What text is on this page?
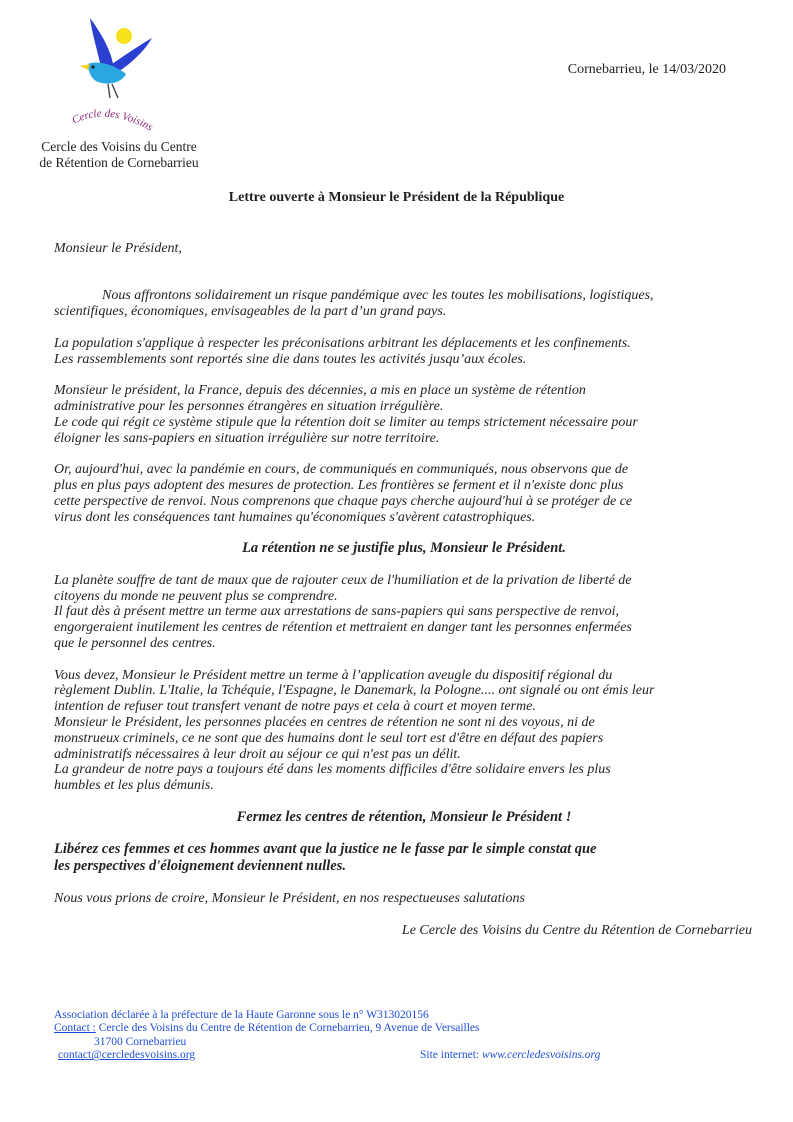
Cercle des Voisins
Cercle des Voisins du Centre
de Rétention de Cornebarrieu
Cornebarrieu, le 14/03/2020
Lettre ouverte à Monsieur le Président de la République

Monsieur le Président,

Nous affrontons solidairement un risque pandémique avec les toutes les mobilisations, logistiques,

scientifiques, économiques, envisageables de la part d’un grand pays.

La population s'applique à respecter les préconisations arbitrant les déplacements et les confinements.

Les rassemblements sont reportés sine die dans toutes les activités jusqu’aux écoles.

Monsieur le président, la France, depuis des décennies, a mis en place un système de rétention

administrative pour les personnes étrangères en situation irrégulière.

Le code qui régit ce système stipule que la rétention doit se limiter au temps strictement nécessaire pour

éloigner les sans-papiers en situation irrégulière sur notre territoire.

Or, aujourd'hui, avec la pandémie en cours, de communiqués en communiqués, nous observons que de

plus en plus pays adoptent des mesures de protection. Les frontières se ferment et il n'existe donc plus

cette perspective de renvoi. Nous comprenons que chaque pays cherche aujourd'hui à se protéger de ce

virus dont les conséquences tant humaines qu'économiques s'avèrent catastrophiques.

La rétention ne se justifie plus, Monsieur le Président.

La planète souffre de tant de maux que de rajouter ceux de l'humiliation et de la privation de liberté de

citoyens du monde ne peuvent plus se comprendre.

Il faut dès à présent mettre un terme aux arrestations de sans-papiers qui sans perspective de renvoi,

engorgeraient inutilement les centres de rétention et mettraient en danger tant les personnes enfermées

que le personnel des centres.

Vous devez, Monsieur le Président mettre un terme à l’application aveugle du dispositif régional du

règlement Dublin. L'Italie, la Tchéquie, l'Espagne, le Danemark, la Pologne.... ont signalé ou ont émis leur

intention de refuser tout transfert venant de notre pays et cela à court et moyen terme.

Monsieur le Président, les personnes placées en centres de rétention ne sont ni des voyous, ni de

monstrueux criminels, ce ne sont que des humains dont le seul tort est d'être en défaut des papiers

administratifs nécessaires à leur droit au séjour ce qui n'est pas un délit.

La grandeur de notre pays a toujours été dans les moments difficiles d'être solidaire envers les plus

humbles et les plus démunis.

Fermez les centres de rétention, Monsieur le Président !

Libérez ces femmes et ces hommes avant que la justice ne le fasse par le simple constat que

les perspectives d'éloignement deviennent nulles.

Nous vous prions de croire, Monsieur le Président, en nos respectueuses salutations

Le Cercle des Voisins du Centre du Rétention de Cornebarrieu

Association déclarée à la préfecture de la Haute Garonne sous le n° W313020156
Contact : Cercle des Voisins du Centre de Rétention de Cornebarrieu, 9 Avenue de Versailles
31700 Cornebarrieu
contact@cercledesvoisins.org	Site internet: www.cercledesvoisins.org
